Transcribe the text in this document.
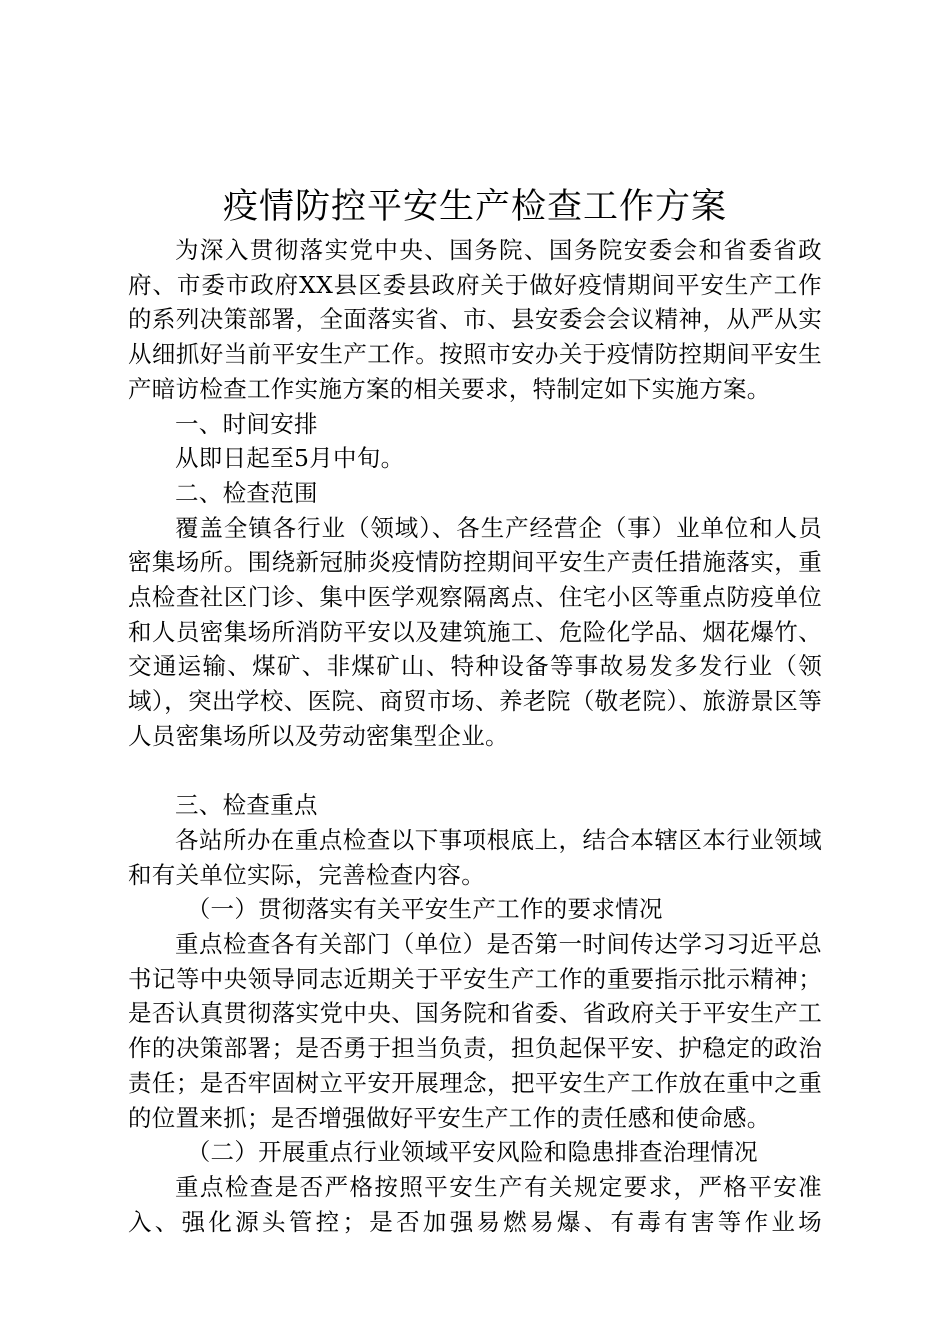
疫情防控平安生产检查工作方案

为深入贯彻落实党中央、国务院、国务院安委会和省委省政府、市委市政府XX县区委县政府关于做好疫情期间平安生产工作的系列决策部署，全面落实省、市、县安委会会议精神，从严从实从细抓好当前平安生产工作。按照市安办关于疫情防控期间平安生产暗访检查工作实施方案的相关要求，特制定如下实施方案。

一、时间安排

从即日起至5月中旬。

二、检查范围

覆盖全镇各行业（领域）、各生产经营企（事）业单位和人员密集场所。围绕新冠肺炎疫情防控期间平安生产责任措施落实，重点检查社区门诊、集中医学观察隔离点、住宅小区等重点防疫单位和人员密集场所消防平安以及建筑施工、危险化学品、烟花爆竹、交通运输、煤矿、非煤矿山、特种设备等事故易发多发行业（领域），突出学校、医院、商贸市场、养老院（敬老院）、旅游景区等人员密集场所以及劳动密集型企业。

三、检查重点

各站所办在重点检查以下事项根底上，结合本辖区本行业领域和有关单位实际，完善检查内容。

（一）贯彻落实有关平安生产工作的要求情况

重点检查各有关部门（单位）是否第一时间传达学习习近平总书记等中央领导同志近期关于平安生产工作的重要指示批示精神；是否认真贯彻落实党中央、国务院和省委、省政府关于平安生产工作的决策部署；是否勇于担当负责，担负起保平安、护稳定的政治责任；是否牢固树立平安开展理念，把平安生产工作放在重中之重的位置来抓；是否增强做好平安生产工作的责任感和使命感。

（二）开展重点行业领域平安风险和隐患排查治理情况

重点检查是否严格按照平安生产有关规定要求，严格平安准入、强化源头管控；是否加强易燃易爆、有毒有害等作业场
